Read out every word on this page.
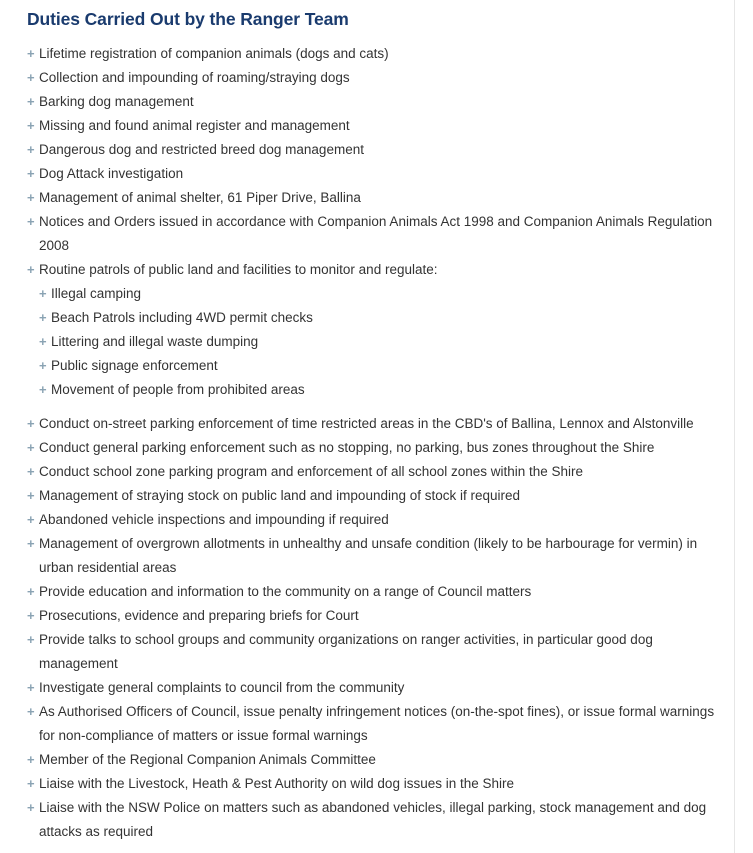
Duties Carried Out by the Ranger Team
+ Lifetime registration of companion animals (dogs and cats)
+ Collection and impounding of roaming/straying dogs
+ Barking dog management
+ Missing and found animal register and management
+ Dangerous dog and restricted breed dog management
+ Dog Attack investigation
+ Management of animal shelter, 61 Piper Drive, Ballina
+ Notices and Orders issued in accordance with Companion Animals Act 1998 and Companion Animals Regulation 2008
+ Routine patrols of public land and facilities to monitor and regulate:
+ Illegal camping
+ Beach Patrols including 4WD permit checks
+ Littering and illegal waste dumping
+ Public signage enforcement
+ Movement of people from prohibited areas
+ Conduct on-street parking enforcement of time restricted areas in the CBD's of Ballina, Lennox and Alstonville
+ Conduct general parking enforcement such as no stopping, no parking, bus zones throughout the Shire
+ Conduct school zone parking program and enforcement of all school zones within the Shire
+ Management of straying stock on public land and impounding of stock if required
+ Abandoned vehicle inspections and impounding if required
+ Management of overgrown allotments in unhealthy and unsafe condition (likely to be harbourage for vermin) in urban residential areas
+ Provide education and information to the community on a range of Council matters
+ Prosecutions, evidence and preparing briefs for Court
+ Provide talks to school groups and community organizations on ranger activities, in particular good dog management
+ Investigate general complaints to council from the community
+ As Authorised Officers of Council, issue penalty infringement notices (on-the-spot fines), or issue formal warnings for non-compliance of matters or issue formal warnings
+ Member of the Regional Companion Animals Committee
+ Liaise with the Livestock, Heath & Pest Authority on wild dog issues in the Shire
+ Liaise with the NSW Police on matters such as abandoned vehicles, illegal parking, stock management and dog attacks as required
